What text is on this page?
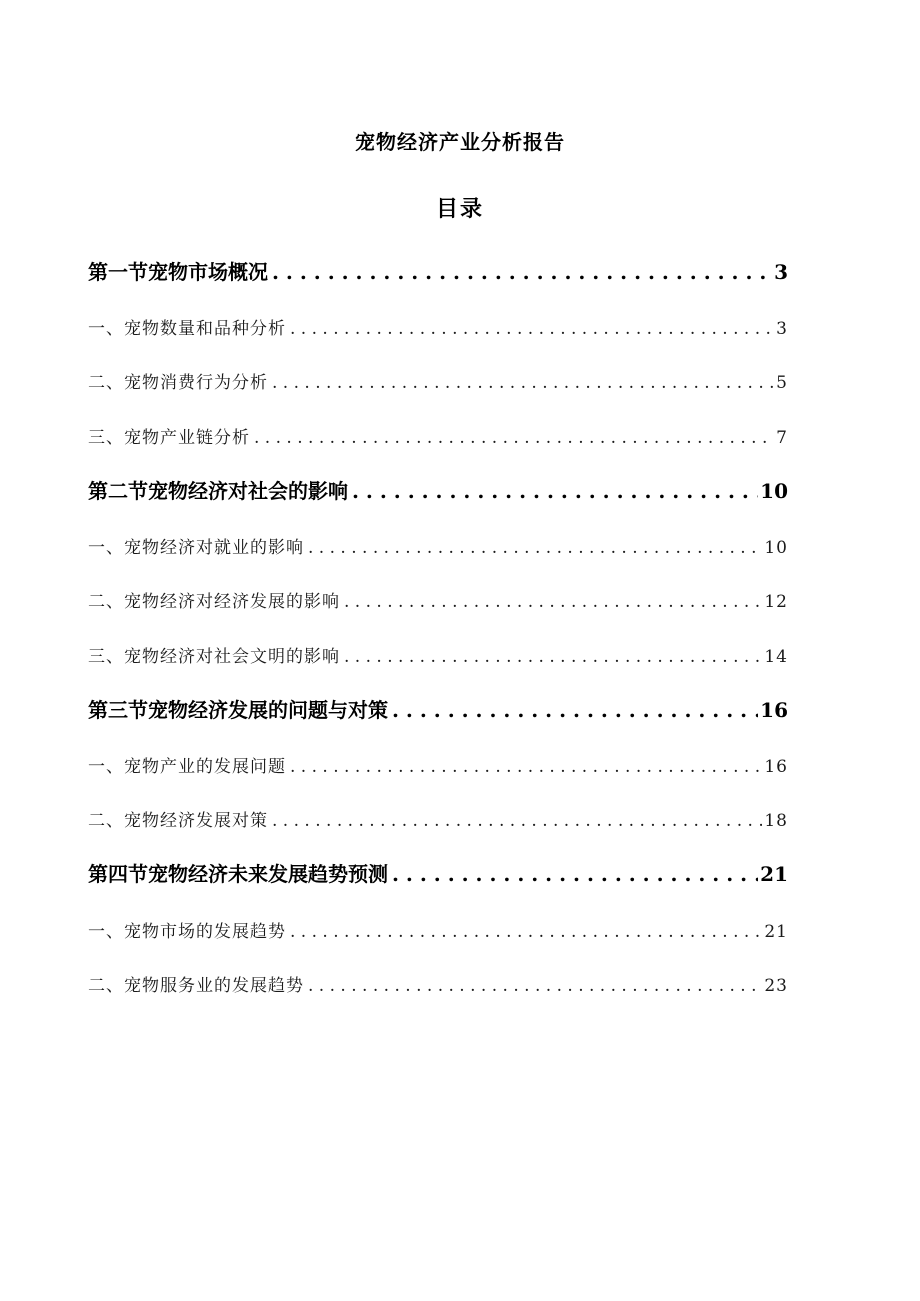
宠物经济产业分析报告
目录
第一节宠物市场概况 . . .	3
一、宠物数量和品种分析 . . .	3
二、宠物消费行为分析 . . .	5
三、宠物产业链分析 . . .	7
第二节宠物经济对社会的影响 . . .	10
一、宠物经济对就业的影响 . . .	10
二、宠物经济对经济发展的影响 . . .	12
三、宠物经济对社会文明的影响 . . .	14
第三节宠物经济发展的问题与对策 . . .	16
一、宠物产业的发展问题 . . .	16
二、宠物经济发展对策 . . .	18
第四节宠物经济未来发展趋势预测 . . .	21
一、宠物市场的发展趋势 . . .	21
二、宠物服务业的发展趋势 . . .	23
